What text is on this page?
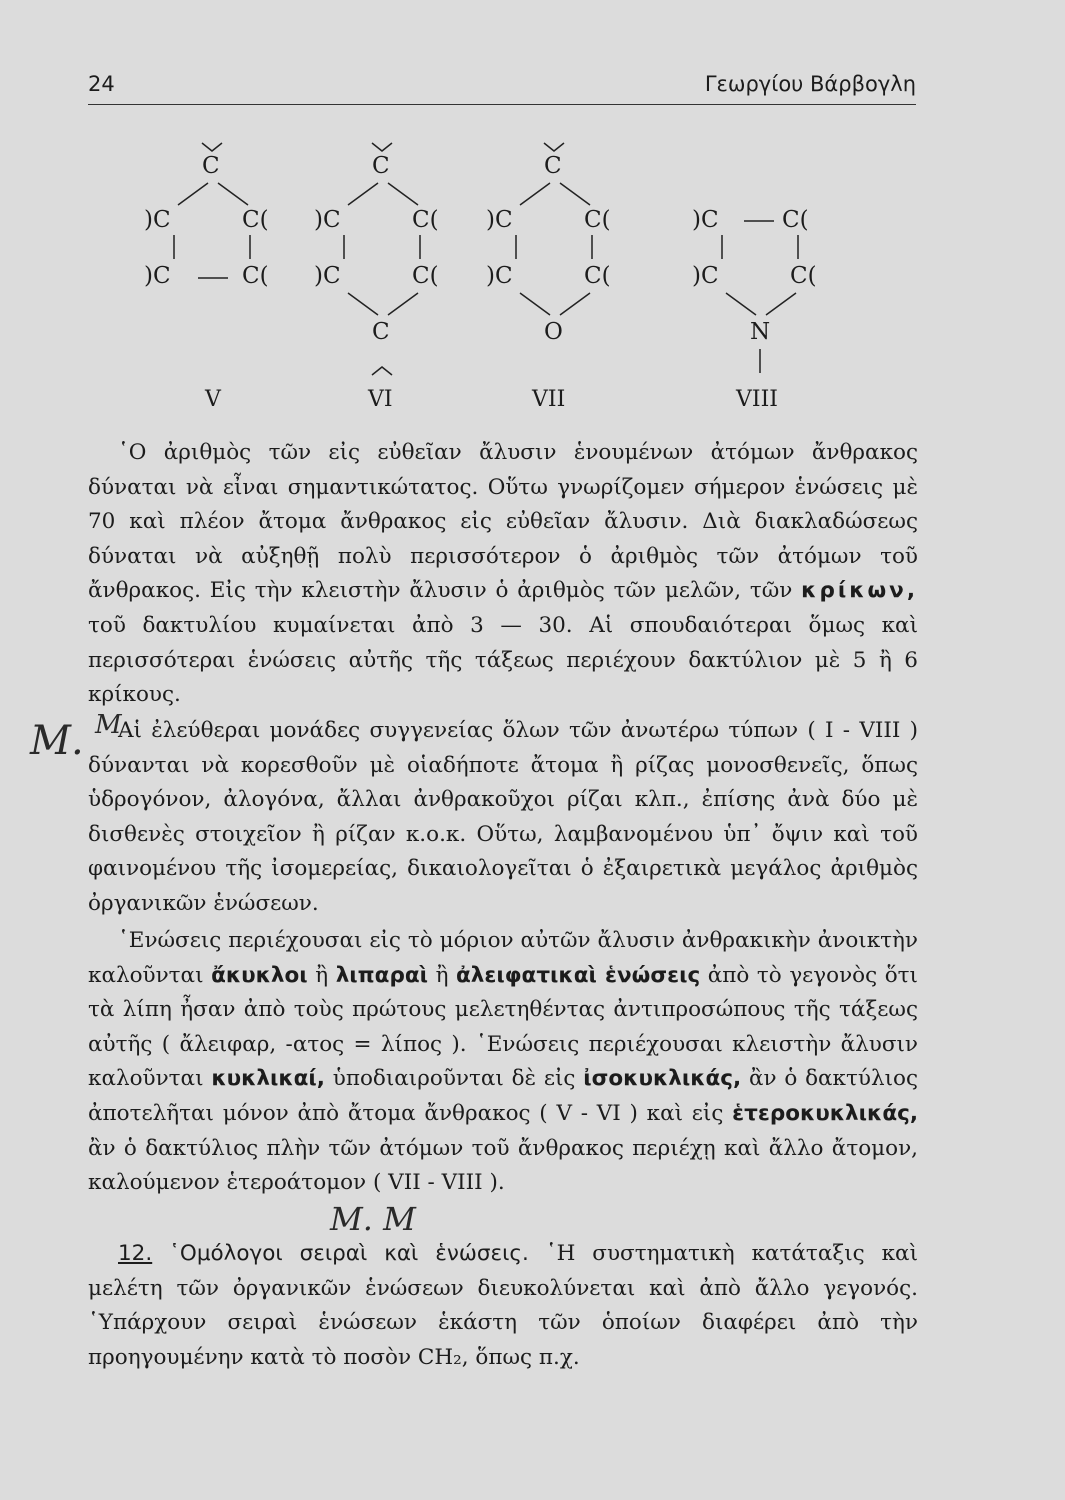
24	Γεωργίου Βάρβογλη
C
)C	C(
)C	C(
V
C
)C	C(
)C	C(
C
VI
C
)C	C(
)C	C(
O
VII
)C	C(
)C	C(
N
VIII

῾Ο ἀριθμὸς τῶν εἰς εὐθεῖαν ἄλυσιν ἑνουμένων ἀτόμων ἄνθρακος δύναται νὰ εἶναι σημαντικώτατος. Οὕτω γνωρίζομεν σήμερον ἑνώσεις μὲ 70 καὶ πλέον ἄτομα ἄνθρακος εἰς εὐθεῖαν ἄλυσιν. Διὰ διακλαδώσεως δύναται νὰ αὐξηθῇ πολὺ περισσότερον ὁ ἀριθμὸς τῶν ἀτόμων τοῦ ἄνθρακος. Εἰς τὴν κλειστὴν ἄλυσιν ὁ ἀριθμὸς τῶν μελῶν, τῶν κρίκων, τοῦ δακτυλίου κυμαίνεται ἀπὸ 3 — 30. Αἱ σπουδαιότεραι ὅμως καὶ περισσότεραι ἑνώσεις αὐτῆς τῆς τάξεως περιέχουν δακτύλιον μὲ 5 ἢ 6 κρίκους.

Αἱ ἐλεύθεραι μονάδες συγγενείας ὅλων τῶν ἀνωτέρω τύπων ( I - VIII ) δύνανται νὰ κορεσθοῦν μὲ οἱαδήποτε ἄτομα ἢ ρίζας μονοσθενεῖς, ὅπως ὑδρογόνον, ἀλογόνα, ἄλλαι ἀνθρακοῦχοι ρίζαι κλπ., ἐπίσης ἀνὰ δύο μὲ δισθενὲς στοιχεῖον ἢ ρίζαν κ.ο.κ. Οὕτω, λαμβανομένου ὑπ᾿ ὄψιν καὶ τοῦ φαινομένου τῆς ἰσομερείας, δικαιολογεῖται ὁ ἐξαιρετικὰ μεγάλος ἀριθμὸς ὀργανικῶν ἑνώσεων.

῾Ενώσεις περιέχουσαι εἰς τὸ μόριον αὐτῶν ἄλυσιν ἀνθρακικὴν ἀνοικτὴν καλοῦνται ἄκυκλοι ἢ λιπαραὶ ἢ ἀλειφατικαὶ ἑνώσεις ἀπὸ τὸ γεγονὸς ὅτι τὰ λίπη ἦσαν ἀπὸ τοὺς πρώτους μελετηθέντας ἀντιπροσώπους τῆς τάξεως αὐτῆς ( ἄλειφαρ, -ατος = λίπος ). ῾Ενώσεις περιέχουσαι κλειστὴν ἄλυσιν καλοῦνται κυκλικαί, ὑποδιαιροῦνται δὲ εἰς ἰσοκυκλικάς, ἂν ὁ δακτύλιος ἀποτελῆται μόνον ἀπὸ ἄτομα ἄνθρακος ( V - VI ) καὶ εἰς ἑτεροκυκλικάς, ἂν ὁ δακτύλιος πλὴν τῶν ἀτόμων τοῦ ἄνθρακος περιέχῃ καὶ ἄλλο ἄτομον, καλούμενον ἑτεροάτομον ( VII - VIII ).

12. ῾Ομόλογοι σειραὶ καὶ ἑνώσεις. ῾Η συστηματικὴ κατάταξις καὶ μελέτη τῶν ὀργανικῶν ἑνώσεων διευκολύνεται καὶ ἀπὸ ἄλλο γεγονός. ῾Υπάρχουν σειραὶ ἑνώσεων ἑκάστη τῶν ὁποίων διαφέρει ἀπὸ τὴν προηγουμένην κατὰ τὸ ποσὸν CH₂, ὅπως π.χ.

M. M
M. M
